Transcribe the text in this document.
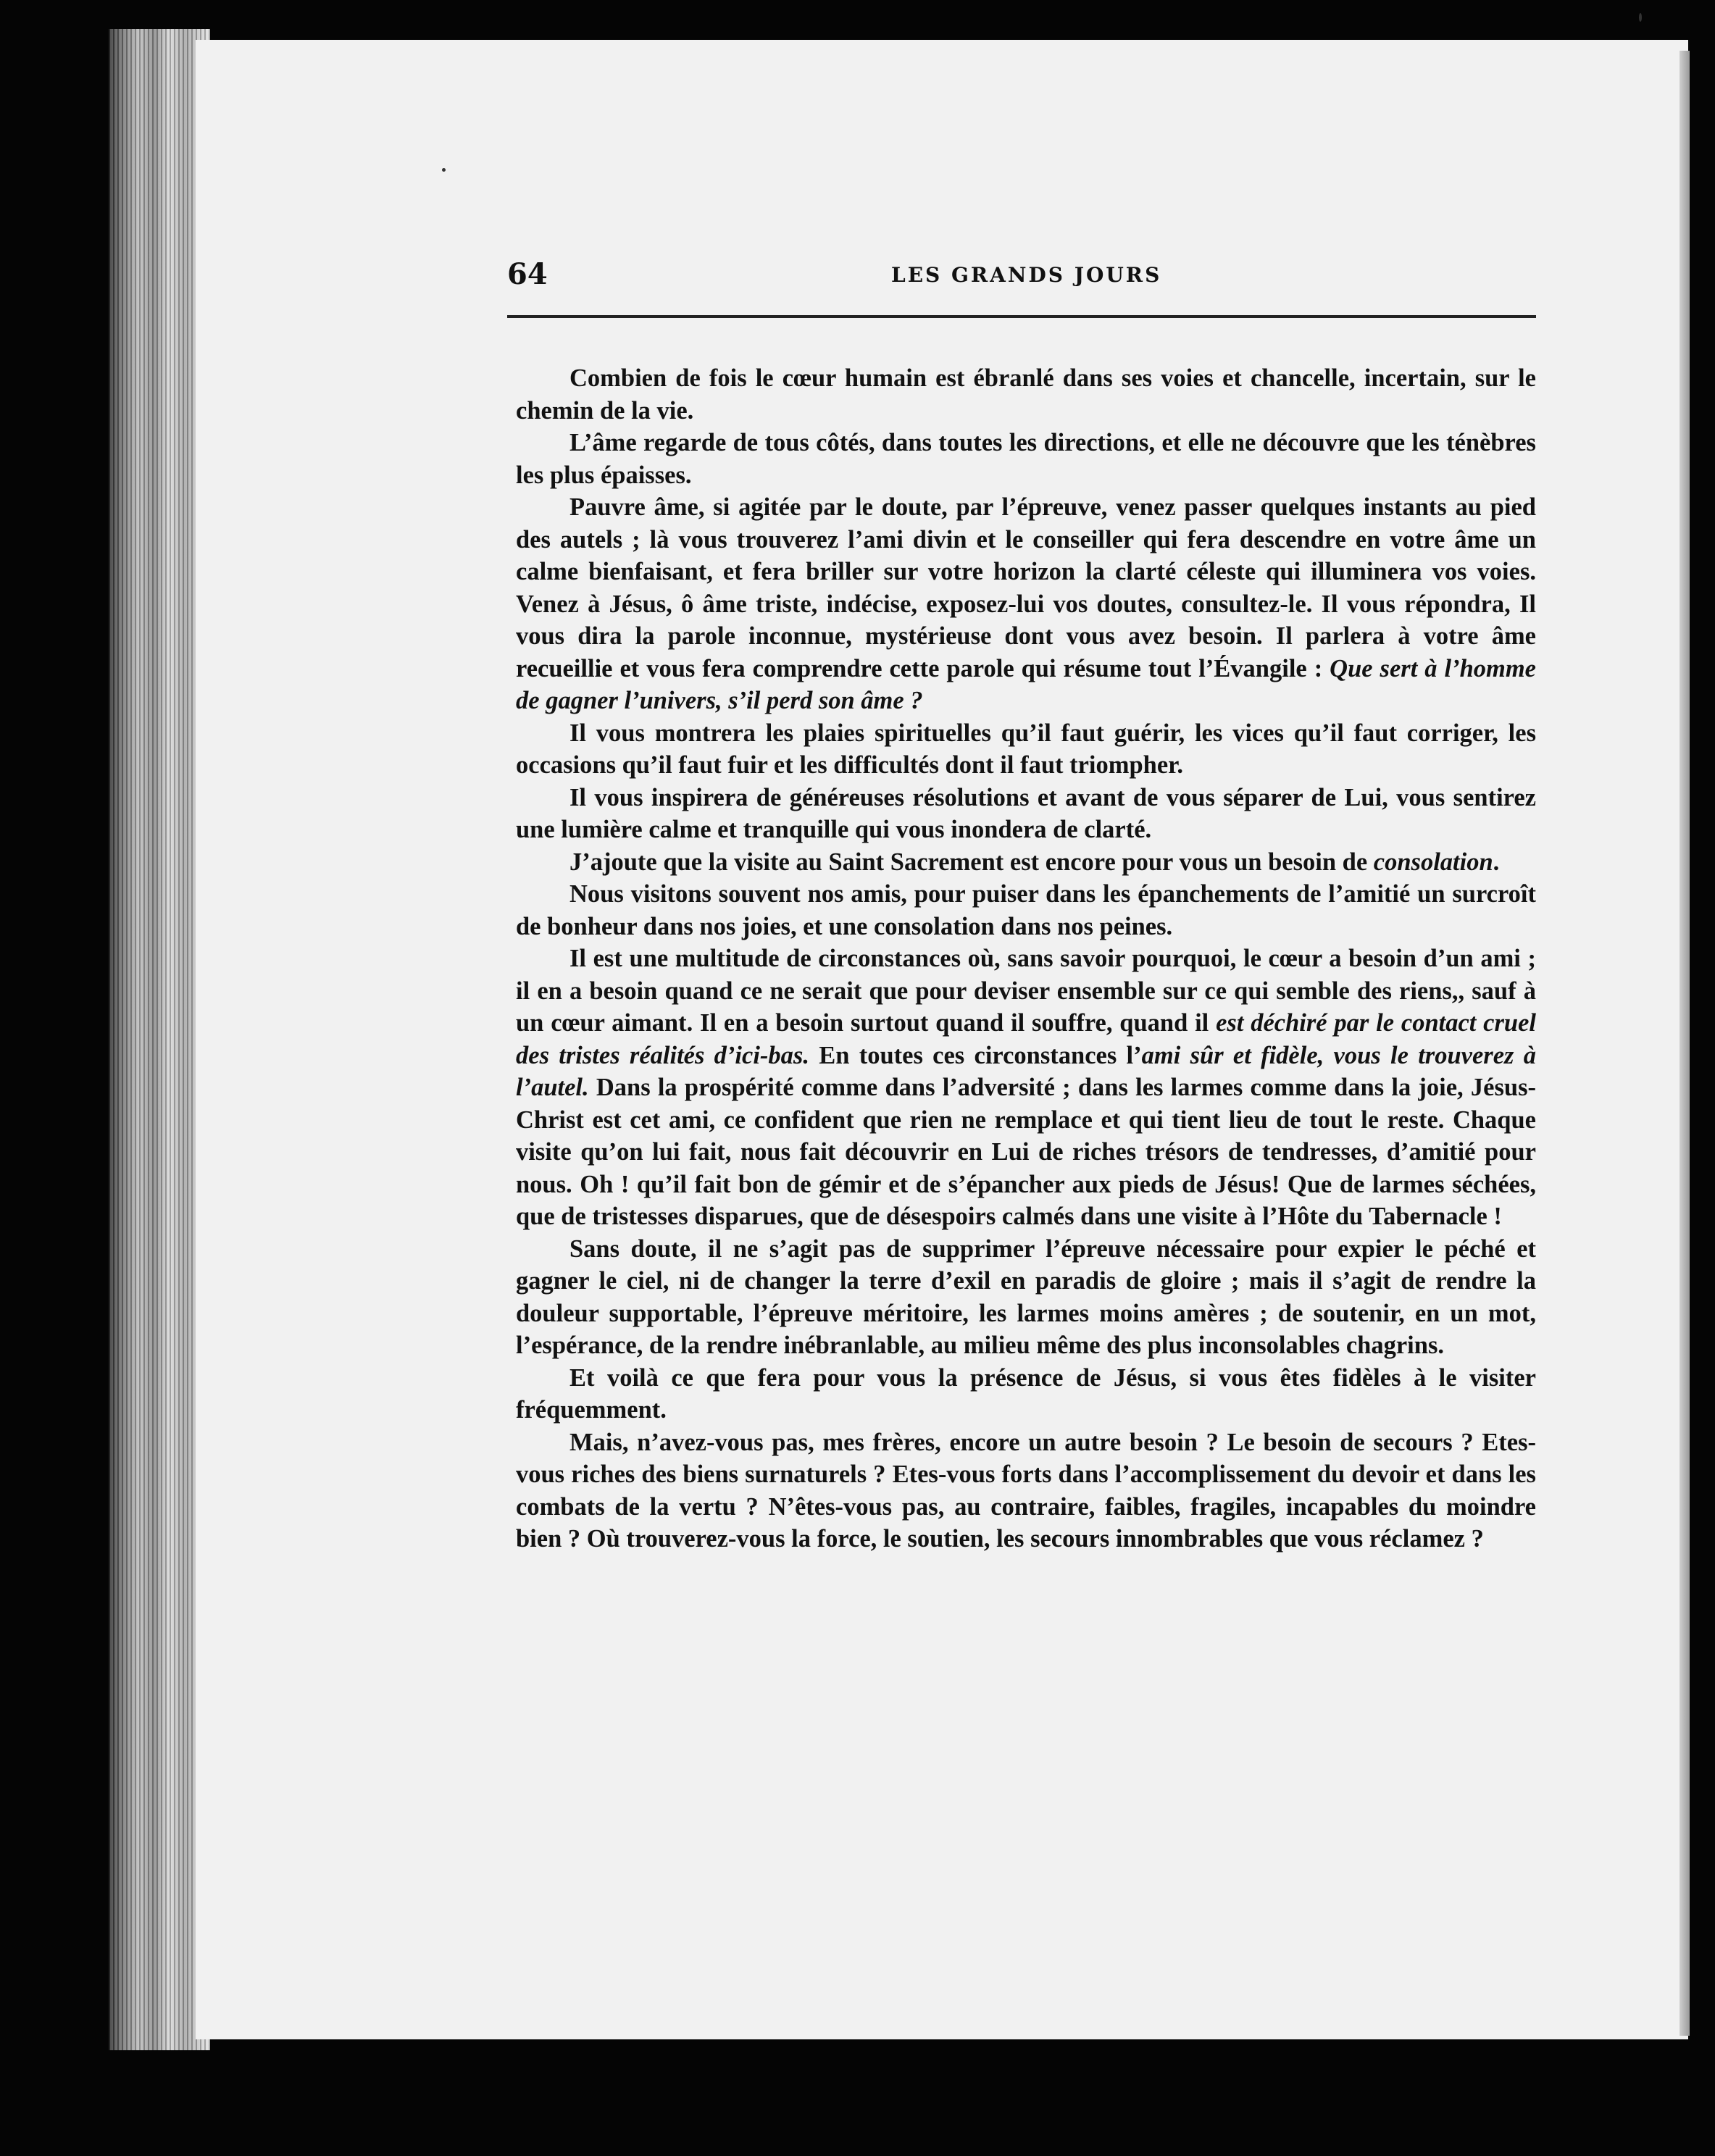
64	LES GRANDS JOURS

Combien de fois le cœur humain est ébranlé dans ses voies et chancelle, incertain, sur le chemin de la vie.

L’âme regarde de tous côtés, dans toutes les directions, et elle ne découvre que les ténèbres les plus épaisses.

Pauvre âme, si agitée par le doute, par l’épreuve, venez passer quelques instants au pied des autels ; là vous trouverez l’ami divin et le conseiller qui fera descendre en votre âme un calme bienfaisant, et fera briller sur votre horizon la clarté céleste qui illuminera vos voies. Venez à Jésus, ô âme triste, indécise, exposez-lui vos doutes, consultez-le. Il vous répondra, Il vous dira la parole inconnue, mystérieuse dont vous avez besoin. Il parlera à votre âme recueillie et vous fera comprendre cette parole qui résume tout l’Évangile : Que sert à l’homme de gagner l’univers, s’il perd son âme ?

Il vous montrera les plaies spirituelles qu’il faut guérir, les vices qu’il faut corriger, les occasions qu’il faut fuir et les difficultés dont il faut triompher.

Il vous inspirera de généreuses résolutions et avant de vous séparer de Lui, vous sentirez une lumière calme et tranquille qui vous inondera de clarté.

J’ajoute que la visite au Saint Sacrement est encore pour vous un besoin de consolation.

Nous visitons souvent nos amis, pour puiser dans les épanchements de l’amitié un surcroît de bonheur dans nos joies, et une consolation dans nos peines.

Il est une multitude de circonstances où, sans savoir pourquoi, le cœur a besoin d’un ami ; il en a besoin quand ce ne serait que pour deviser ensemble sur ce qui semble des riens,, sauf à un cœur aimant. Il en a besoin surtout quand il souffre, quand il est déchiré par le contact cruel des tristes réalités d’ici-bas. En toutes ces circonstances l’ami sûr et fidèle, vous le trouverez à l’autel. Dans la prospérité comme dans l’adversité ; dans les larmes comme dans la joie, Jésus-Christ est cet ami, ce confident que rien ne remplace et qui tient lieu de tout le reste. Chaque visite qu’on lui fait, nous fait découvrir en Lui de riches trésors de tendresses, d’amitié pour nous. Oh ! qu’il fait bon de gémir et de s’épancher aux pieds de Jésus! Que de larmes séchées, que de tristesses disparues, que de désespoirs calmés dans une visite à l’Hôte du Tabernacle !

Sans doute, il ne s’agit pas de supprimer l’épreuve nécessaire pour expier le péché et gagner le ciel, ni de changer la terre d’exil en paradis de gloire ; mais il s’agit de rendre la douleur supportable, l’épreuve méritoire, les larmes moins amères ; de soutenir, en un mot, l’espérance, de la rendre inébranlable, au milieu même des plus inconsolables chagrins.

Et voilà ce que fera pour vous la présence de Jésus, si vous êtes fidèles à le visiter fréquemment.

Mais, n’avez-vous pas, mes frères, encore un autre besoin ? Le besoin de secours ? Etes-vous riches des biens surnaturels ? Etes-vous forts dans l’accomplissement du devoir et dans les combats de la vertu ? N’êtes-vous pas, au contraire, faibles, fragiles, incapables du moindre bien ? Où trouverez-vous la force, le soutien, les secours innombrables que vous réclamez ?
